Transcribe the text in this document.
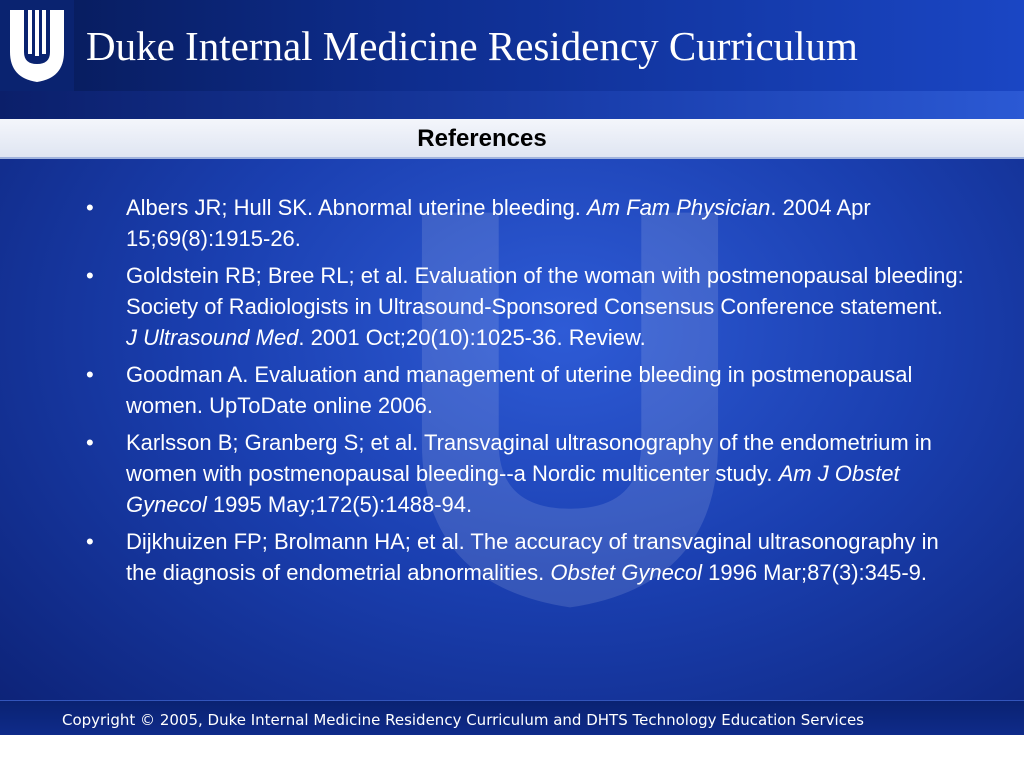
Duke Internal Medicine Residency Curriculum
References
•	Albers JR; Hull SK. Abnormal uterine bleeding. Am Fam Physician. 2004 Apr 15;69(8):1915-26.
•	Goldstein RB; Bree RL; et al. Evaluation of the woman with postmenopausal bleeding: Society of Radiologists in Ultrasound-Sponsored Consensus Conference statement.
J Ultrasound Med. 2001 Oct;20(10):1025-36. Review.
•	Goodman A. Evaluation and management of uterine bleeding in postmenopausal women. UpToDate online 2006.
•	Karlsson B; Granberg S; et al. Transvaginal ultrasonography of the endometrium in women with postmenopausal bleeding--a Nordic multicenter study. Am J Obstet Gynecol 1995 May;172(5):1488-94.
•	Dijkhuizen FP; Brolmann HA; et al. The accuracy of transvaginal ultrasonography in the diagnosis of endometrial abnormalities. Obstet Gynecol 1996 Mar;87(3):345-9.
Copyright © 2005, Duke Internal Medicine Residency Curriculum and DHTS Technology Education Services
